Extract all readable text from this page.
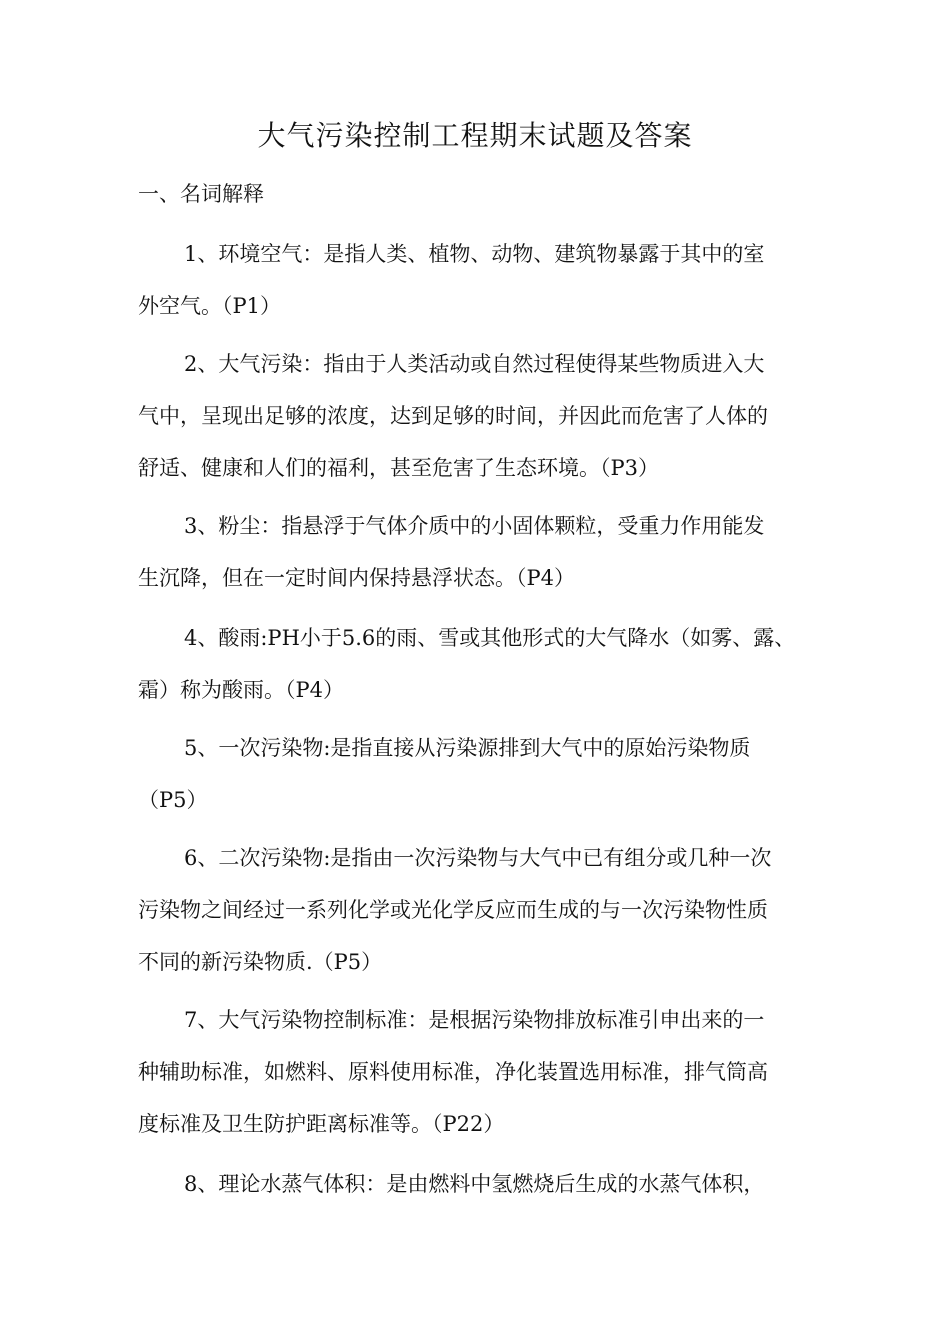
大气污染控制工程期末试题及答案
一、名词解释
1、环境空气：是指人类、植物、动物、建筑物暴露于其中的室
外空气。（P1）
2、大气污染：指由于人类活动或自然过程使得某些物质进入大
气中，呈现出足够的浓度，达到足够的时间，并因此而危害了人体的
舒适、健康和人们的福利，甚至危害了生态环境。（P3）
3、粉尘：指悬浮于气体介质中的小固体颗粒，受重力作用能发
生沉降，但在一定时间内保持悬浮状态。（P4）
4、酸雨:PH小于5.6的雨、雪或其他形式的大气降水（如雾、露、
霜）称为酸雨。（P4）
5、一次污染物:是指直接从污染源排到大气中的原始污染物质
（P5）
6、二次污染物:是指由一次污染物与大气中已有组分或几种一次
污染物之间经过一系列化学或光化学反应而生成的与一次污染物性质
不同的新污染物质.（P5）
7、大气污染物控制标准：是根据污染物排放标准引申出来的一
种辅助标准，如燃料、原料使用标准，净化装置选用标准，排气筒高
度标准及卫生防护距离标准等。（P22）
8、理论水蒸气体积：是由燃料中氢燃烧后生成的水蒸气体积，
